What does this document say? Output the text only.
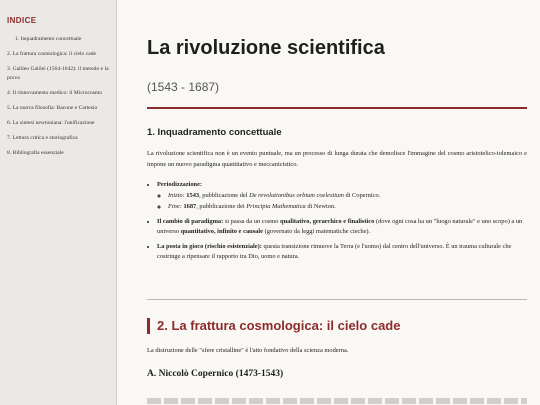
INDICE
1. Inquadramento concettuale
2. La frattura cosmologica: il cielo cade
3. Galileo Galilei (1564-1642): il metodo e la prova
4. Il rinnovamento medico: il Microcosmo
5. La nuova filosofia: Bacone e Cartesio
6. La sintesi newtoniana: l'unificazione
7. Lettura critica e storiografica
8. Bibliografia essenziale
La rivoluzione scientifica
(1543 - 1687)
1. Inquadramento concettuale

La rivoluzione scientifica non è un evento puntuale, ma un processo di lunga durata che demolisce l'immagine del cosmo aristotelico-tolemaico e impone un nuovo paradigma quantitativo e meccanicistico.

• Periodizzazione:
◦ Inizio: 1543, pubblicazione del De revolutionibus orbium coelestium di Copernico.
◦ Fine: 1687, pubblicazione dei Principia Mathematica di Newton.
• Il cambio di paradigma: si passa da un cosmo qualitativo, gerarchico e finalistico (dove ogni cosa ha un "luogo naturale" e uno scopo) a un universo quantitativo, infinito e causale (governato da leggi matematiche cieche).
• La posta in gioco (rischio esistenziale): questa transizione rimuove la Terra (e l'uomo) dal centro dell'universo. È un trauma culturale che costringe a ripensare il rapporto tra Dio, uomo e natura.
2. La frattura cosmologica: il cielo cade

La distruzione delle "sfere cristalline" è l'atto fondativo della scienza moderna.

A. Niccolò Copernico (1473-1543)
